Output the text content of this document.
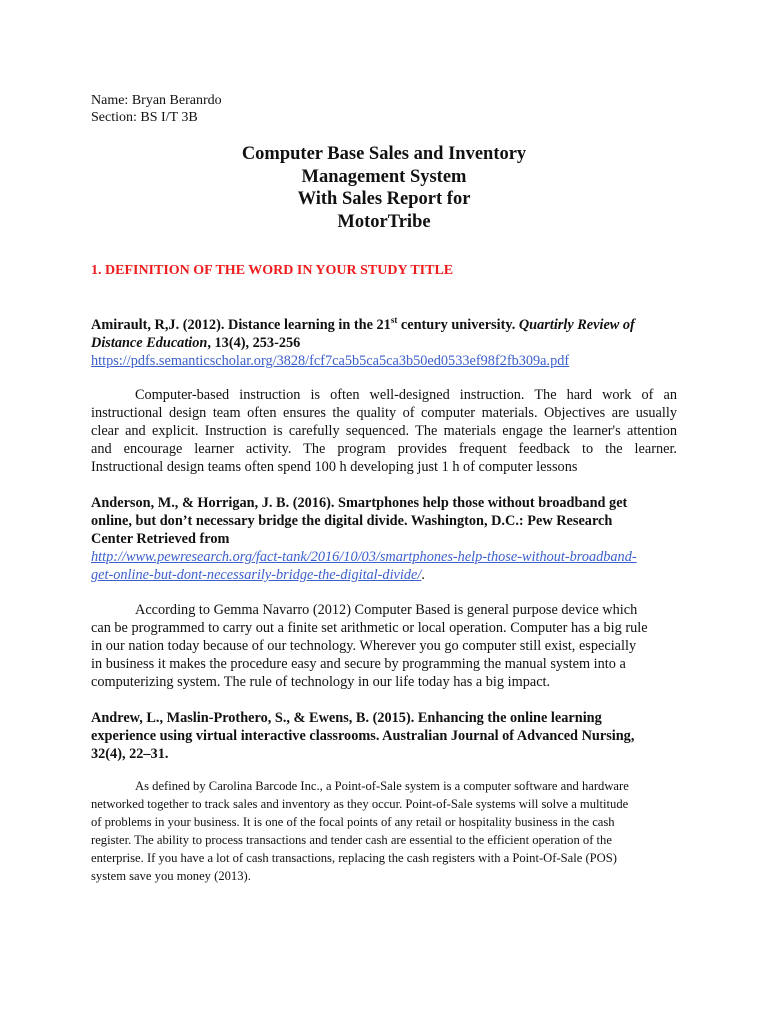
Name: Bryan Beranrdo
Section: BS I/T 3B
Computer Base Sales and Inventory
Management System
With Sales Report for
MotorTribe
1. DEFINITION OF THE WORD IN YOUR STUDY TITLE
Amirault, R,J. (2012). Distance learning in the 21st century university. Quartirly Review of
Distance Education, 13(4), 253-256
https://pdfs.semanticscholar.org/3828/fcf7ca5b5ca5ca3b50ed0533ef98f2fb309a.pdf
Computer-based instruction is often well-designed instruction. The hard work of an
instructional design team often ensures the quality of computer materials. Objectives are usually
clear and explicit. Instruction is carefully sequenced. The materials engage the learner's attention
and encourage learner activity. The program provides frequent feedback to the learner.
Instructional design teams often spend 100 h developing just 1 h of computer lessons
Anderson, M., & Horrigan, J. B. (2016). Smartphones help those without broadband get
online, but don’t necessary bridge the digital divide. Washington, D.C.: Pew Research
Center Retrieved from
http://www.pewresearch.org/fact-tank/2016/10/03/smartphones-help-those-without-broadband-
get-online-but-dont-necessarily-bridge-the-digital-divide/.
According to Gemma Navarro (2012) Computer Based is general purpose device which
can be programmed to carry out a finite set arithmetic or local operation. Computer has a big rule
in our nation today because of our technology. Wherever you go computer still exist, especially
in business it makes the procedure easy and secure by programming the manual system into a
computerizing system. The rule of technology in our life today has a big impact.
Andrew, L., Maslin-Prothero, S., & Ewens, B. (2015). Enhancing the online learning
experience using virtual interactive classrooms. Australian Journal of Advanced Nursing,
32(4), 22–31.
As defined by Carolina Barcode Inc., a Point-of-Sale system is a computer software and hardware
networked together to track sales and inventory as they occur. Point-of-Sale systems will solve a multitude
of problems in your business. It is one of the focal points of any retail or hospitality business in the cash
register. The ability to process transactions and tender cash are essential to the efficient operation of the
enterprise. If you have a lot of cash transactions, replacing the cash registers with a Point-Of-Sale (POS)
system save you money (2013).
